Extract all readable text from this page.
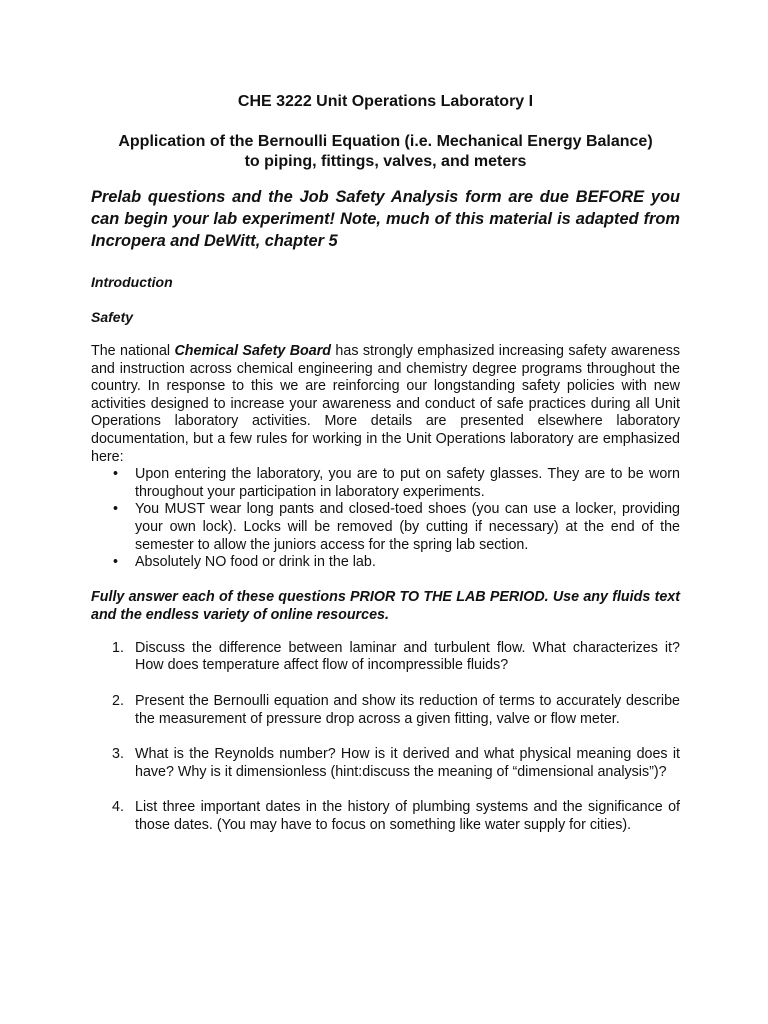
CHE 3222 Unit Operations Laboratory I
Application of the Bernoulli Equation (i.e. Mechanical Energy Balance)
to piping, fittings, valves, and meters

Prelab questions and the Job Safety Analysis form are due BEFORE you can begin your lab experiment! Note, much of this material is adapted from Incropera and DeWitt, chapter 5

Introduction
Safety

The national Chemical Safety Board has strongly emphasized increasing safety awareness and instruction across chemical engineering and chemistry degree programs throughout the country. In response to this we are reinforcing our longstanding safety policies with new activities designed to increase your awareness and conduct of safe practices during all Unit Operations laboratory activities. More details are presented elsewhere laboratory documentation, but a few rules for working in the Unit Operations laboratory are emphasized here:

• Upon entering the laboratory, you are to put on safety glasses. They are to be worn throughout your participation in laboratory experiments.
• You MUST wear long pants and closed-toed shoes (you can use a locker, providing your own lock). Locks will be removed (by cutting if necessary) at the end of the semester to allow the juniors access for the spring lab section.
• Absolutely NO food or drink in the lab.

Fully answer each of these questions PRIOR TO THE LAB PERIOD. Use any fluids text and the endless variety of online resources.

1. Discuss the difference between laminar and turbulent flow. What characterizes it? How does temperature affect flow of incompressible fluids?
2. Present the Bernoulli equation and show its reduction of terms to accurately describe the measurement of pressure drop across a given fitting, valve or flow meter.
3. What is the Reynolds number? How is it derived and what physical meaning does it have? Why is it dimensionless (hint:discuss the meaning of “dimensional analysis”)?
4. List three important dates in the history of plumbing systems and the significance of those dates. (You may have to focus on something like water supply for cities).
